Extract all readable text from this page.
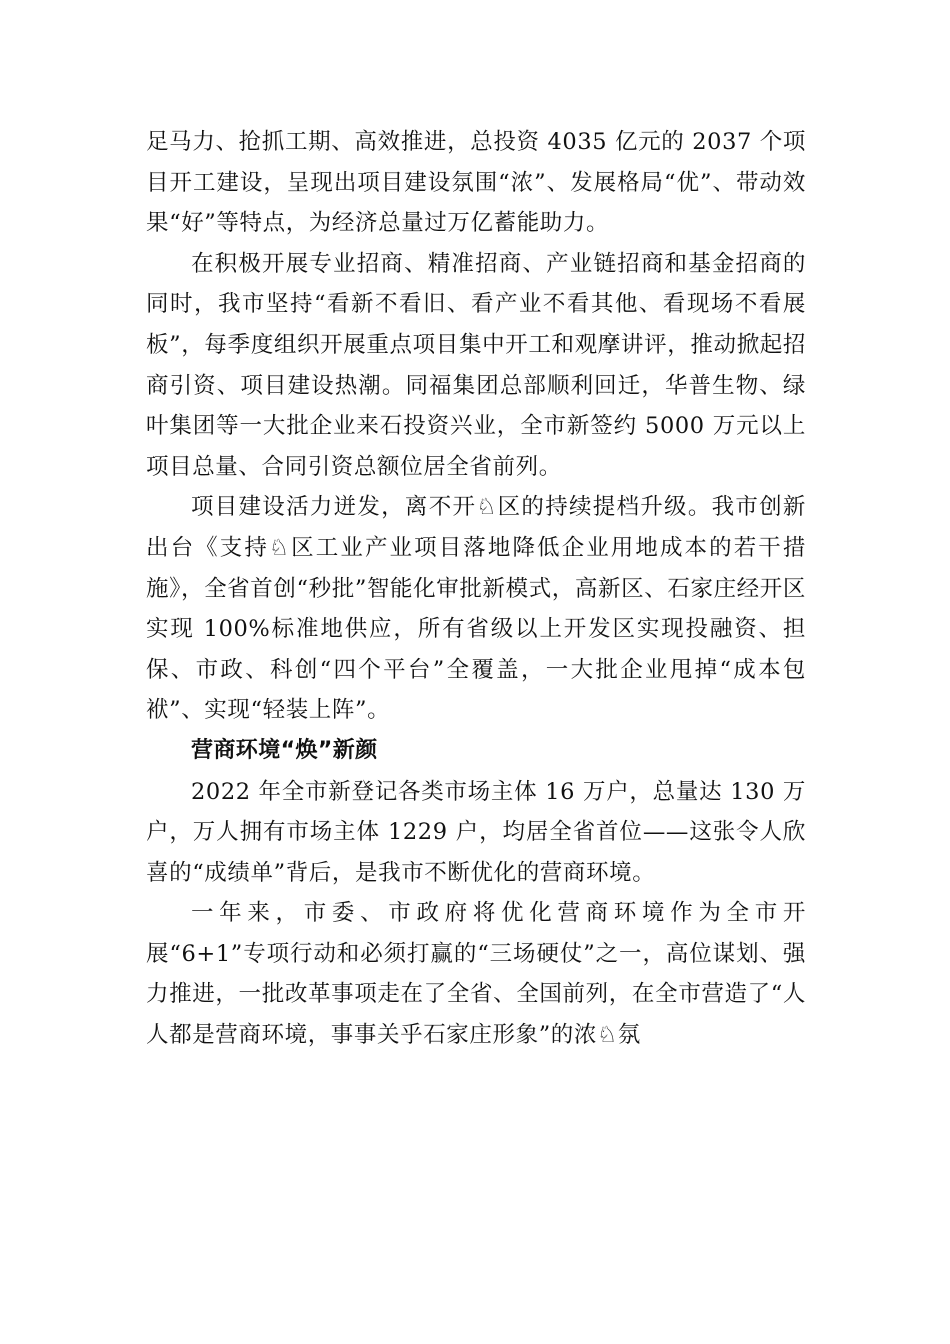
足马力、抢抓工期、高效推进，总投资 4035 亿元的 2037 个项目开工建设，呈现出项目建设氛围“浓”、发展格局“优”、带动效果“好”等特点，为经济总量过万亿蓄能助力。

在积极开展专业招商、精准招商、产业链招商和基金招商的同时，我市坚持“看新不看旧、看产业不看其他、看现场不看展板”，每季度组织开展重点项目集中开工和观摩讲评，推动掀起招商引资、项目建设热潮。同福集团总部顺利回迁，华普生物、绿叶集团等一大批企业来石投资兴业，全市新签约 5000 万元以上项目总量、合同引资总额位居全省前列。

项目建设活力迸发，离不开♘区的持续提档升级。我市创新出台《支持♘区工业产业项目落地降低企业用地成本的若干措施》，全省首创“秒批”智能化审批新模式，高新区、石家庄经开区实现 100%标准地供应，所有省级以上开发区实现投融资、担保、市政、科创“四个平台”全覆盖，一大批企业甩掉“成本包袱”、实现“轻装上阵”。

营商环境“焕”新颜

2022 年全市新登记各类市场主体 16 万户，总量达 130 万户，万人拥有市场主体 1229 户，均居全省首位——这张令人欣喜的“成绩单”背后，是我市不断优化的营商环境。

一年来，市委、市政府将优化营商环境作为全市开展“6+1”专项行动和必须打赢的“三场硬仗”之一，高位谋划、强力推进，一批改革事项走在了全省、全国前列，在全市营造了“人人都是营商环境，事事关乎石家庄形象”的浓♘氛
